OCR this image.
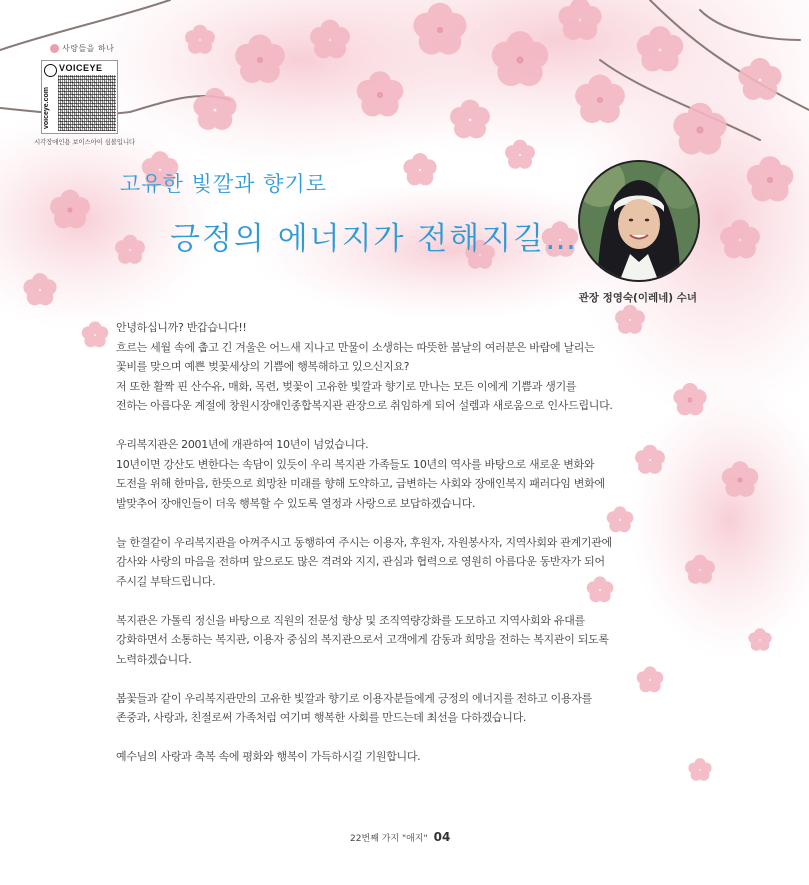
사랑들을 하나
VOICEYE
voiceye.com
시각장애인용 보이스아이 심볼입니다
고유한 빛깔과 향기로
긍정의 에너지가 전해지길…
관장 정영숙(이레네) 수녀

안녕하십니까? 반갑습니다!!
흐르는 세월 속에 춥고 긴 겨울은 어느새 지나고 만물이 소생하는 따뜻한 봄날의 여러분은 바람에 날리는
꽃비를 맞으며 예쁜 벚꽃세상의 기쁨에 행복해하고 있으신지요?
저 또한 활짝 핀 산수유, 매화, 목련, 벚꽃이 고유한 빛깔과 향기로 만나는 모든 이에게 기쁨과 생기를
전하는 아름다운 계절에 창원시장애인종합복지관 관장으로 취임하게 되어 설렘과 새로움으로 인사드립니다.

우리복지관은 2001년에 개관하여 10년이 넘었습니다.
10년이면 강산도 변한다는 속담이 있듯이 우리 복지관 가족들도 10년의 역사를 바탕으로 새로운 변화와
도전을 위해 한마음, 한뜻으로 희망찬 미래를 향해 도약하고, 급변하는 사회와 장애인복지 패러다임 변화에
발맞추어 장애인들이 더욱 행복할 수 있도록 열정과 사랑으로 보답하겠습니다.

늘 한결같이 우리복지관을 아껴주시고 동행하여 주시는 이용자, 후원자, 자원봉사자, 지역사회와 관계기관에
감사와 사랑의 마음을 전하며 앞으로도 많은 격려와 지지, 관심과 협력으로 영원히 아름다운 동반자가 되어
주시길 부탁드립니다.

복지관은 가톨릭 정신을 바탕으로 직원의 전문성 향상 및 조직역량강화를 도모하고 지역사회와 유대를
강화하면서 소통하는 복지관, 이용자 중심의 복지관으로서 고객에게 감동과 희망을 전하는 복지관이 되도록
노력하겠습니다.

봄꽃들과 같이 우리복지관만의 고유한 빛깔과 향기로 이용자분들에게 긍정의 에너지를 전하고 이용자를
존중과, 사랑과, 친절로써 가족처럼 여기며 행복한 사회를 만드는데 최선을 다하겠습니다.

예수님의 사랑과 축복 속에 평화와 행복이 가득하시길 기원합니다.

22번째 가지 "애지" 04
